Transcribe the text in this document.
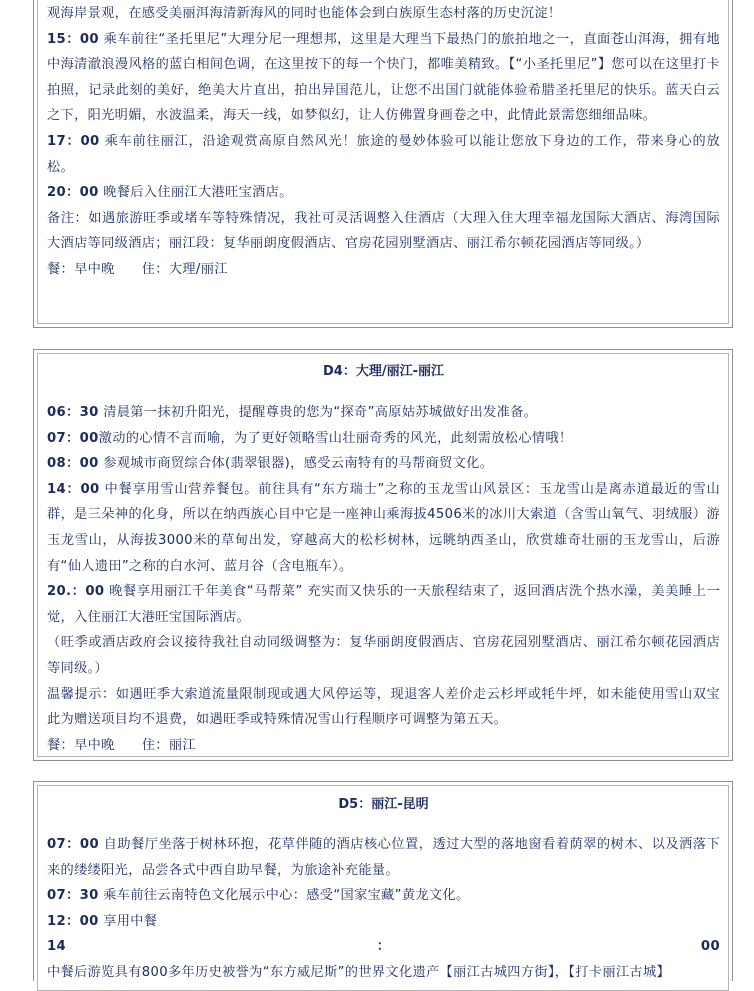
观海岸景观，在感受美丽洱海清新海风的同时也能体会到白族原生态村落的历史沉淀！

15：00 乘车前往“圣托里尼”大理分尼一理想邦，这里是大理当下最热门的旅拍地之一，直面苍山洱海，拥有地中海清澈浪漫风格的蓝白相间色调，在这里按下的每一个快门，都唯美精致。【“小圣托里尼”】您可以在这里打卡拍照，记录此刻的美好，绝美大片直出，拍出异国范儿，让您不出国门就能体验希腊圣托里尼的快乐。蓝天白云之下，阳光明媚，水波温柔，海天一线，如梦似幻，让人仿佛置身画卷之中，此情此景需您细细品味。

17：00 乘车前往丽江，沿途观赏高原自然风光！旅途的曼妙体验可以能让您放下身边的工作，带来身心的放松。

20：00 晚餐后入住丽江大港旺宝酒店。

备注：如遇旅游旺季或堵车等特殊情况，我社可灵活调整入住酒店（大理入住大理幸福龙国际大酒店、海湾国际大酒店等同级酒店；丽江段：复华丽朗度假酒店、官房花园别墅酒店、丽江希尔顿花园酒店等同级。）

餐：早中晚　　住：大理/丽江

D4：大理/丽江-丽江

06：30 清晨第一抹初升阳光，提醒尊贵的您为“探奇”高原姑苏城做好出发准备。

07：00激动的心情不言而喻，为了更好领略雪山壮丽奇秀的风光，此刻需放松心情哦！

08：00 参观城市商贸综合体(翡翠银器)，感受云南特有的马帮商贸文化。

14：00 中餐享用雪山营养餐包。前往具有“东方瑞士”之称的玉龙雪山风景区：玉龙雪山是离赤道最近的雪山群，是三朵神的化身，所以在纳西族心目中它是一座神山乘海拔4506米的冰川大索道（含雪山氧气、羽绒服）游玉龙雪山，从海拔3000米的草甸出发，穿越高大的松杉树林，远眺纳西圣山，欣赏雄奇壮丽的玉龙雪山，后游有“仙人遗田”之称的白水河、蓝月谷（含电瓶车）。

20.：00 晚餐享用丽江千年美食“马帮菜” 充实而又快乐的一天旅程结束了，返回酒店洗个热水澡，美美睡上一觉，入住丽江大港旺宝国际酒店。

（旺季或酒店政府会议接待我社自动同级调整为：复华丽朗度假酒店、官房花园别墅酒店、丽江希尔顿花园酒店等同级。）

温馨提示：如遇旺季大索道流量限制现或遇大风停运等，现退客人差价走云杉坪或牦牛坪，如未能使用雪山双宝此为赠送项目均不退费，如遇旺季或特殊情况雪山行程顺序可调整为第五天。

餐：早中晚　　住：丽江

D5：丽江-昆明

07：00 自助餐厅坐落于树林环抱，花草伴随的酒店核心位置，透过大型的落地窗看着荫翠的树木、以及洒落下来的缕缕阳光，品尝各式中西自助早餐，为旅途补充能量。

07：30 乘车前往云南特色文化展示中心：感受“国家宝藏”黄龙文化。

12：00 享用中餐

14：00 中餐后游览具有800多年历史被誉为“东方威尼斯”的世界文化遗产【丽江古城四方街】，【打卡丽江古城】
